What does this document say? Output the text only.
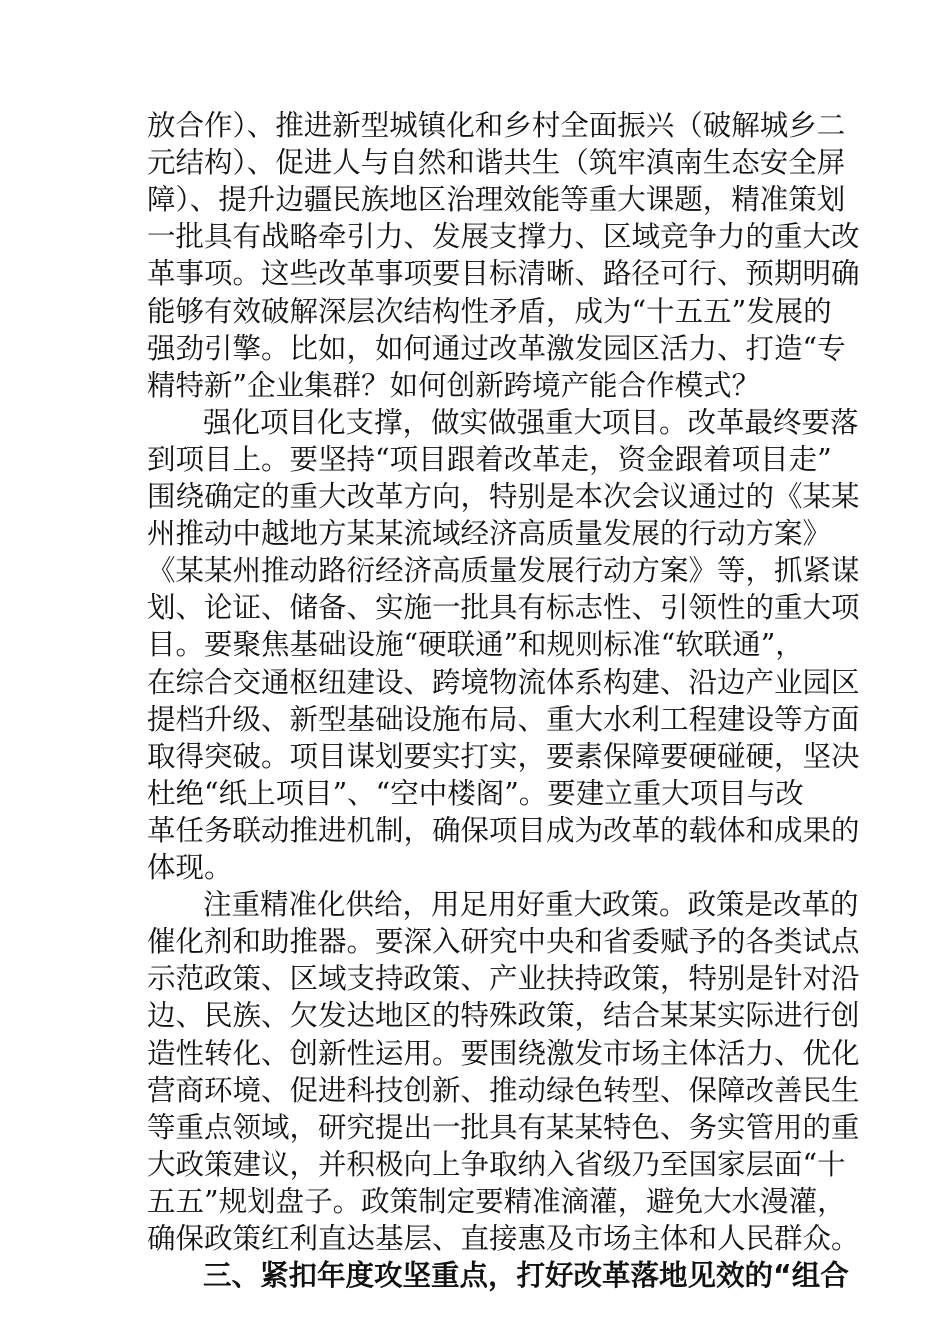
放合作）、推进新型城镇化和乡村全面振兴（破解城乡二
元结构）、促进人与自然和谐共生（筑牢滇南生态安全屏
障）、提升边疆民族地区治理效能等重大课题，精准策划
一批具有战略牵引力、发展支撑力、区域竞争力的重大改
革事项。这些改革事项要目标清晰、路径可行、预期明确
能够有效破解深层次结构性矛盾，成为“十五五”发展的
强劲引擎。比如，如何通过改革激发园区活力、打造“专
精特新”企业集群？如何创新跨境产能合作模式？
强化项目化支撑，做实做强重大项目。改革最终要落
到项目上。要坚持“项目跟着改革走，资金跟着项目走”
围绕确定的重大改革方向，特别是本次会议通过的《某某
州推动中越地方某某流域经济高质量发展的行动方案》
《某某州推动路衍经济高质量发展行动方案》等，抓紧谋
划、论证、储备、实施一批具有标志性、引领性的重大项
目。要聚焦基础设施“硬联通”和规则标准“软联通”，
在综合交通枢纽建设、跨境物流体系构建、沿边产业园区
提档升级、新型基础设施布局、重大水利工程建设等方面
取得突破。项目谋划要实打实，要素保障要硬碰硬，坚决
杜绝“纸上项目”、“空中楼阁”。要建立重大项目与改
革任务联动推进机制，确保项目成为改革的载体和成果的
体现。
注重精准化供给，用足用好重大政策。政策是改革的
催化剂和助推器。要深入研究中央和省委赋予的各类试点
示范政策、区域支持政策、产业扶持政策，特别是针对沿
边、民族、欠发达地区的特殊政策，结合某某实际进行创
造性转化、创新性运用。要围绕激发市场主体活力、优化
营商环境、促进科技创新、推动绿色转型、保障改善民生
等重点领域，研究提出一批具有某某特色、务实管用的重
大政策建议，并积极向上争取纳入省级乃至国家层面“十
五五”规划盘子。政策制定要精准滴灌，避免大水漫灌，
确保政策红利直达基层、直接惠及市场主体和人民群众。
三、紧扣年度攻坚重点，打好改革落地见效的“组合
